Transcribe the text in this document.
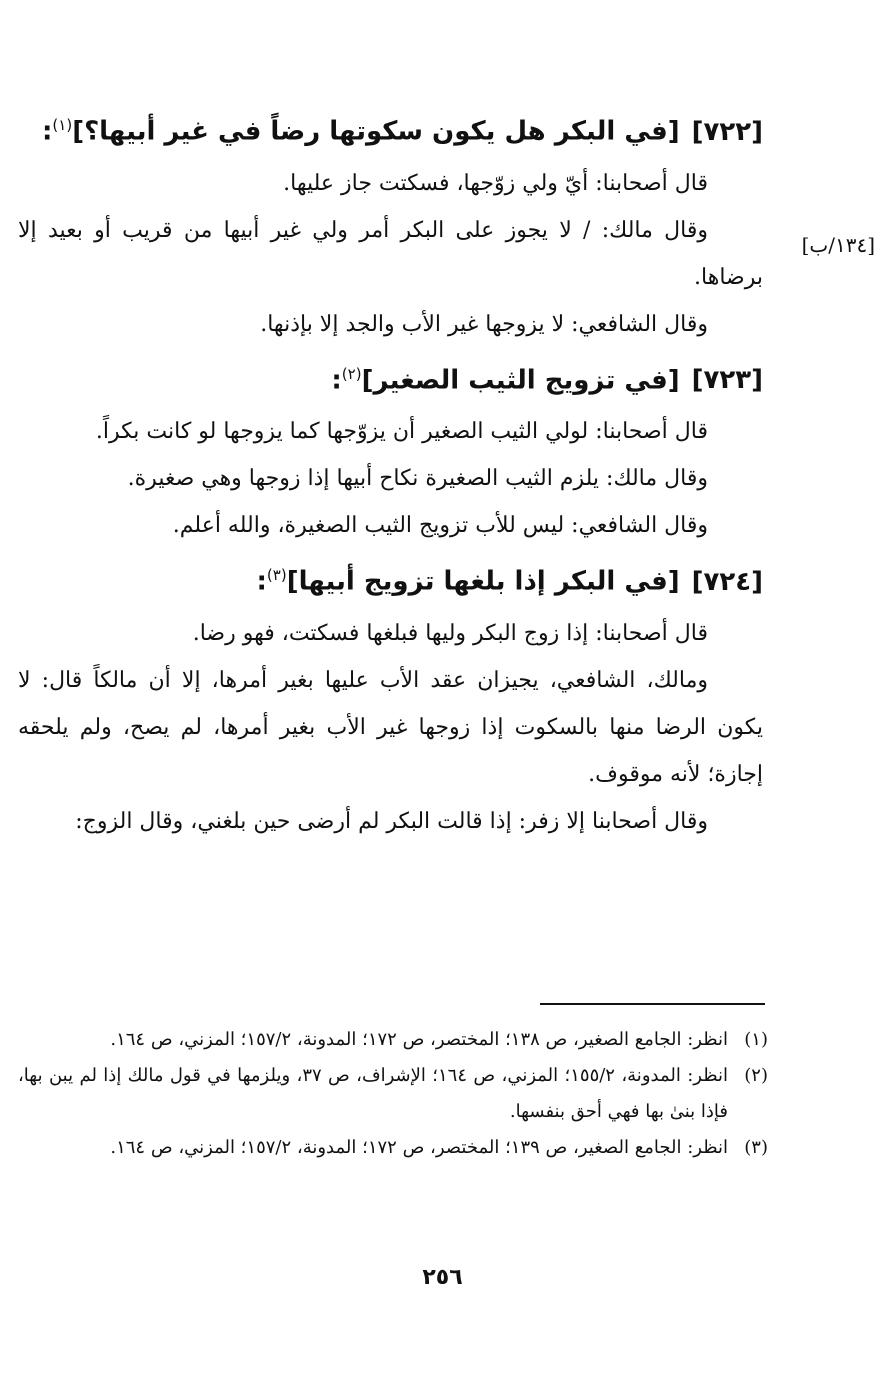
[١٣٤/ب]
[٧٢٢][في البكر هل يكون سكوتها رضاً في غير أبيها؟]$^{(١)}$:

قال أصحابنا: أيّ ولي زوّجها، فسكتت جاز عليها.

وقال مالك: / لا يجوز على البكر أمر ولي غير أبيها من قريب أو بعيد إلا برضاها.

وقال الشافعي: لا يزوجها غير الأب والجد إلا بإذنها.

[٧٢٣][في تزويج الثيب الصغير]$^{(٢)}$:

قال أصحابنا: لولي الثيب الصغير أن يزوّجها كما يزوجها لو كانت بكراً.

وقال مالك: يلزم الثيب الصغيرة نكاح أبيها إذا زوجها وهي صغيرة.

وقال الشافعي: ليس للأب تزويج الثيب الصغيرة، والله أعلم.

[٧٢٤][في البكر إذا بلغها تزويج أبيها]$^{(٣)}$:

قال أصحابنا: إذا زوج البكر وليها فبلغها فسكتت، فهو رضا.

ومالك، الشافعي، يجيزان عقد الأب عليها بغير أمرها، إلا أن مالكاً قال: لا يكون الرضا منها بالسكوت إذا زوجها غير الأب بغير أمرها، لم يصح، ولم يلحقه إجازة؛ لأنه موقوف.

وقال أصحابنا إلا زفر: إذا قالت البكر لم أرضى حين بلغني، وقال الزوج:

(١)
انظر: الجامع الصغير، ص ١٣٨؛ المختصر، ص ١٧٢؛ المدونة، ١٥٧/٢؛ المزني، ص ١٦٤.
(٢)
انظر: المدونة، ١٥٥/٢؛ المزني، ص ١٦٤؛ الإشراف، ص ٣٧، ويلزمها في قول مالك إذا لم يبن بها، فإذا بنىٰ بها فهي أحق بنفسها.
(٣)
انظر: الجامع الصغير، ص ١٣٩؛ المختصر، ص ١٧٢؛ المدونة، ١٥٧/٢؛ المزني، ص ١٦٤.
٢٥٦
